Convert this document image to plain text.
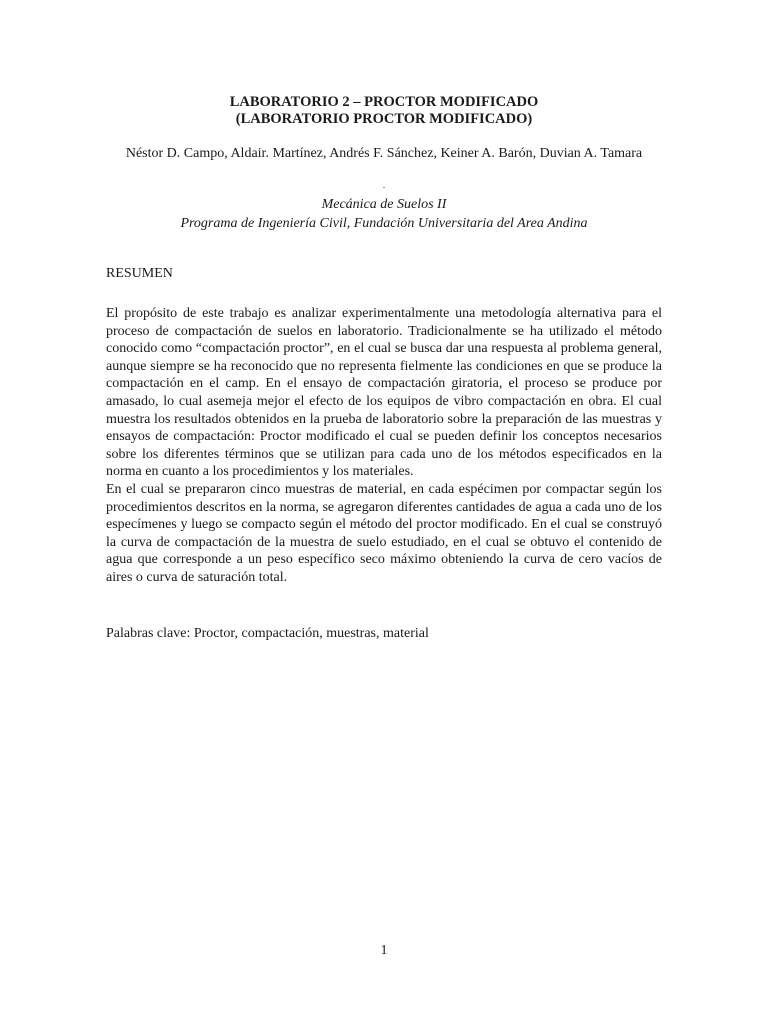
LABORATORIO 2 – PROCTOR MODIFICADO
(LABORATORIO PROCTOR MODIFICADO)
Néstor D. Campo, Aldair. Martínez, Andrés F. Sánchez, Keiner A. Barón, Duvian A. Tamara
.
Mecánica de Suelos II
Programa de Ingeniería Civil, Fundación Universitaria del Area Andina
RESUMEN

El propósito de este trabajo es analizar experimentalmente una metodología alternativa para el proceso de compactación de suelos en laboratorio. Tradicionalmente se ha utilizado el método conocido como “compactación proctor”, en el cual se busca dar una respuesta al problema general, aunque siempre se ha reconocido que no representa fielmente las condiciones en que se produce la compactación en el camp. En el ensayo de compactación giratoria, el proceso se produce por amasado, lo cual asemeja mejor el efecto de los equipos de vibro compactación en obra. El cual muestra los resultados obtenidos en la prueba de laboratorio sobre la preparación de las muestras y ensayos de compactación: Proctor modificado el cual se pueden definir los conceptos necesarios sobre los diferentes términos que se utilizan para cada uno de los métodos especificados en la norma en cuanto a los procedimientos y los materiales.

En el cual se prepararon cinco muestras de material, en cada espécimen por compactar según los procedimientos descritos en la norma, se agregaron diferentes cantidades de agua a cada uno de los especímenes y luego se compacto según el método del proctor modificado. En el cual se construyó la curva de compactación de la muestra de suelo estudiado, en el cual se obtuvo el contenido de agua que corresponde a un peso específico seco máximo obteniendo la curva de cero vacíos de aires o curva de saturación total.

Palabras clave: Proctor, compactación, muestras, material
1
